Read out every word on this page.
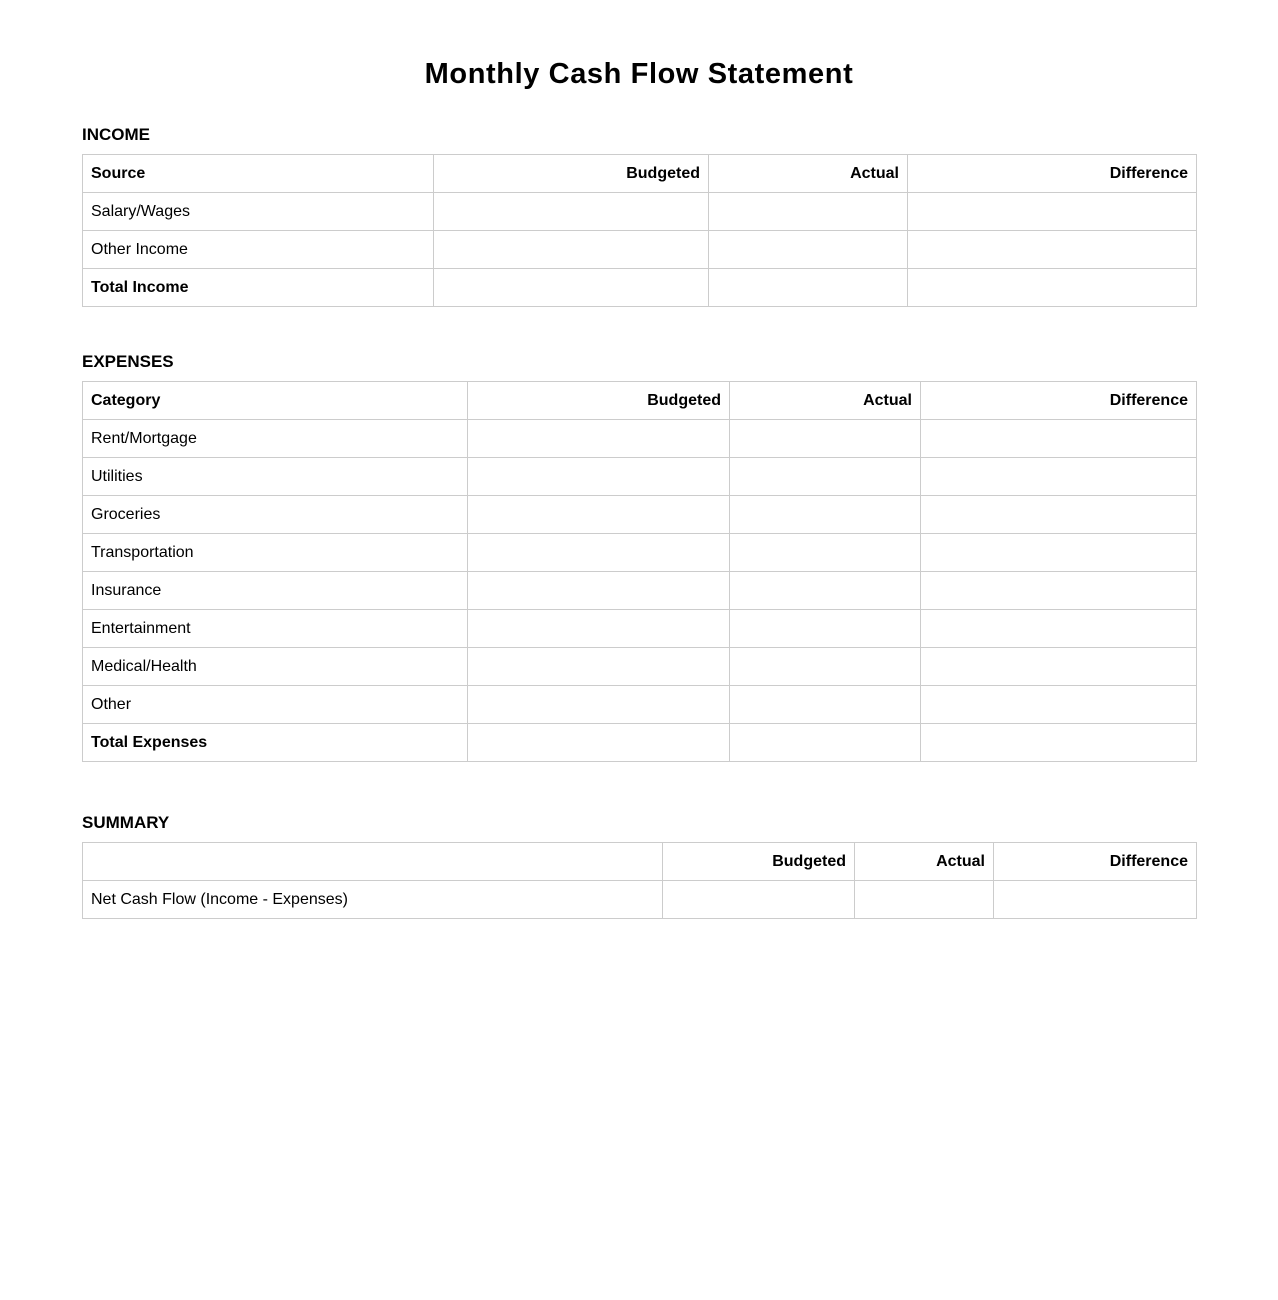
Monthly Cash Flow Statement
INCOME
Source	Budgeted	Actual	Difference
Salary/Wages			
Other Income			
Total Income			
EXPENSES
Category	Budgeted	Actual	Difference
Rent/Mortgage			
Utilities			
Groceries			
Transportation			
Insurance			
Entertainment			
Medical/Health			
Other			
Total Expenses			
SUMMARY
	Budgeted	Actual	Difference
Net Cash Flow (Income - Expenses)			
